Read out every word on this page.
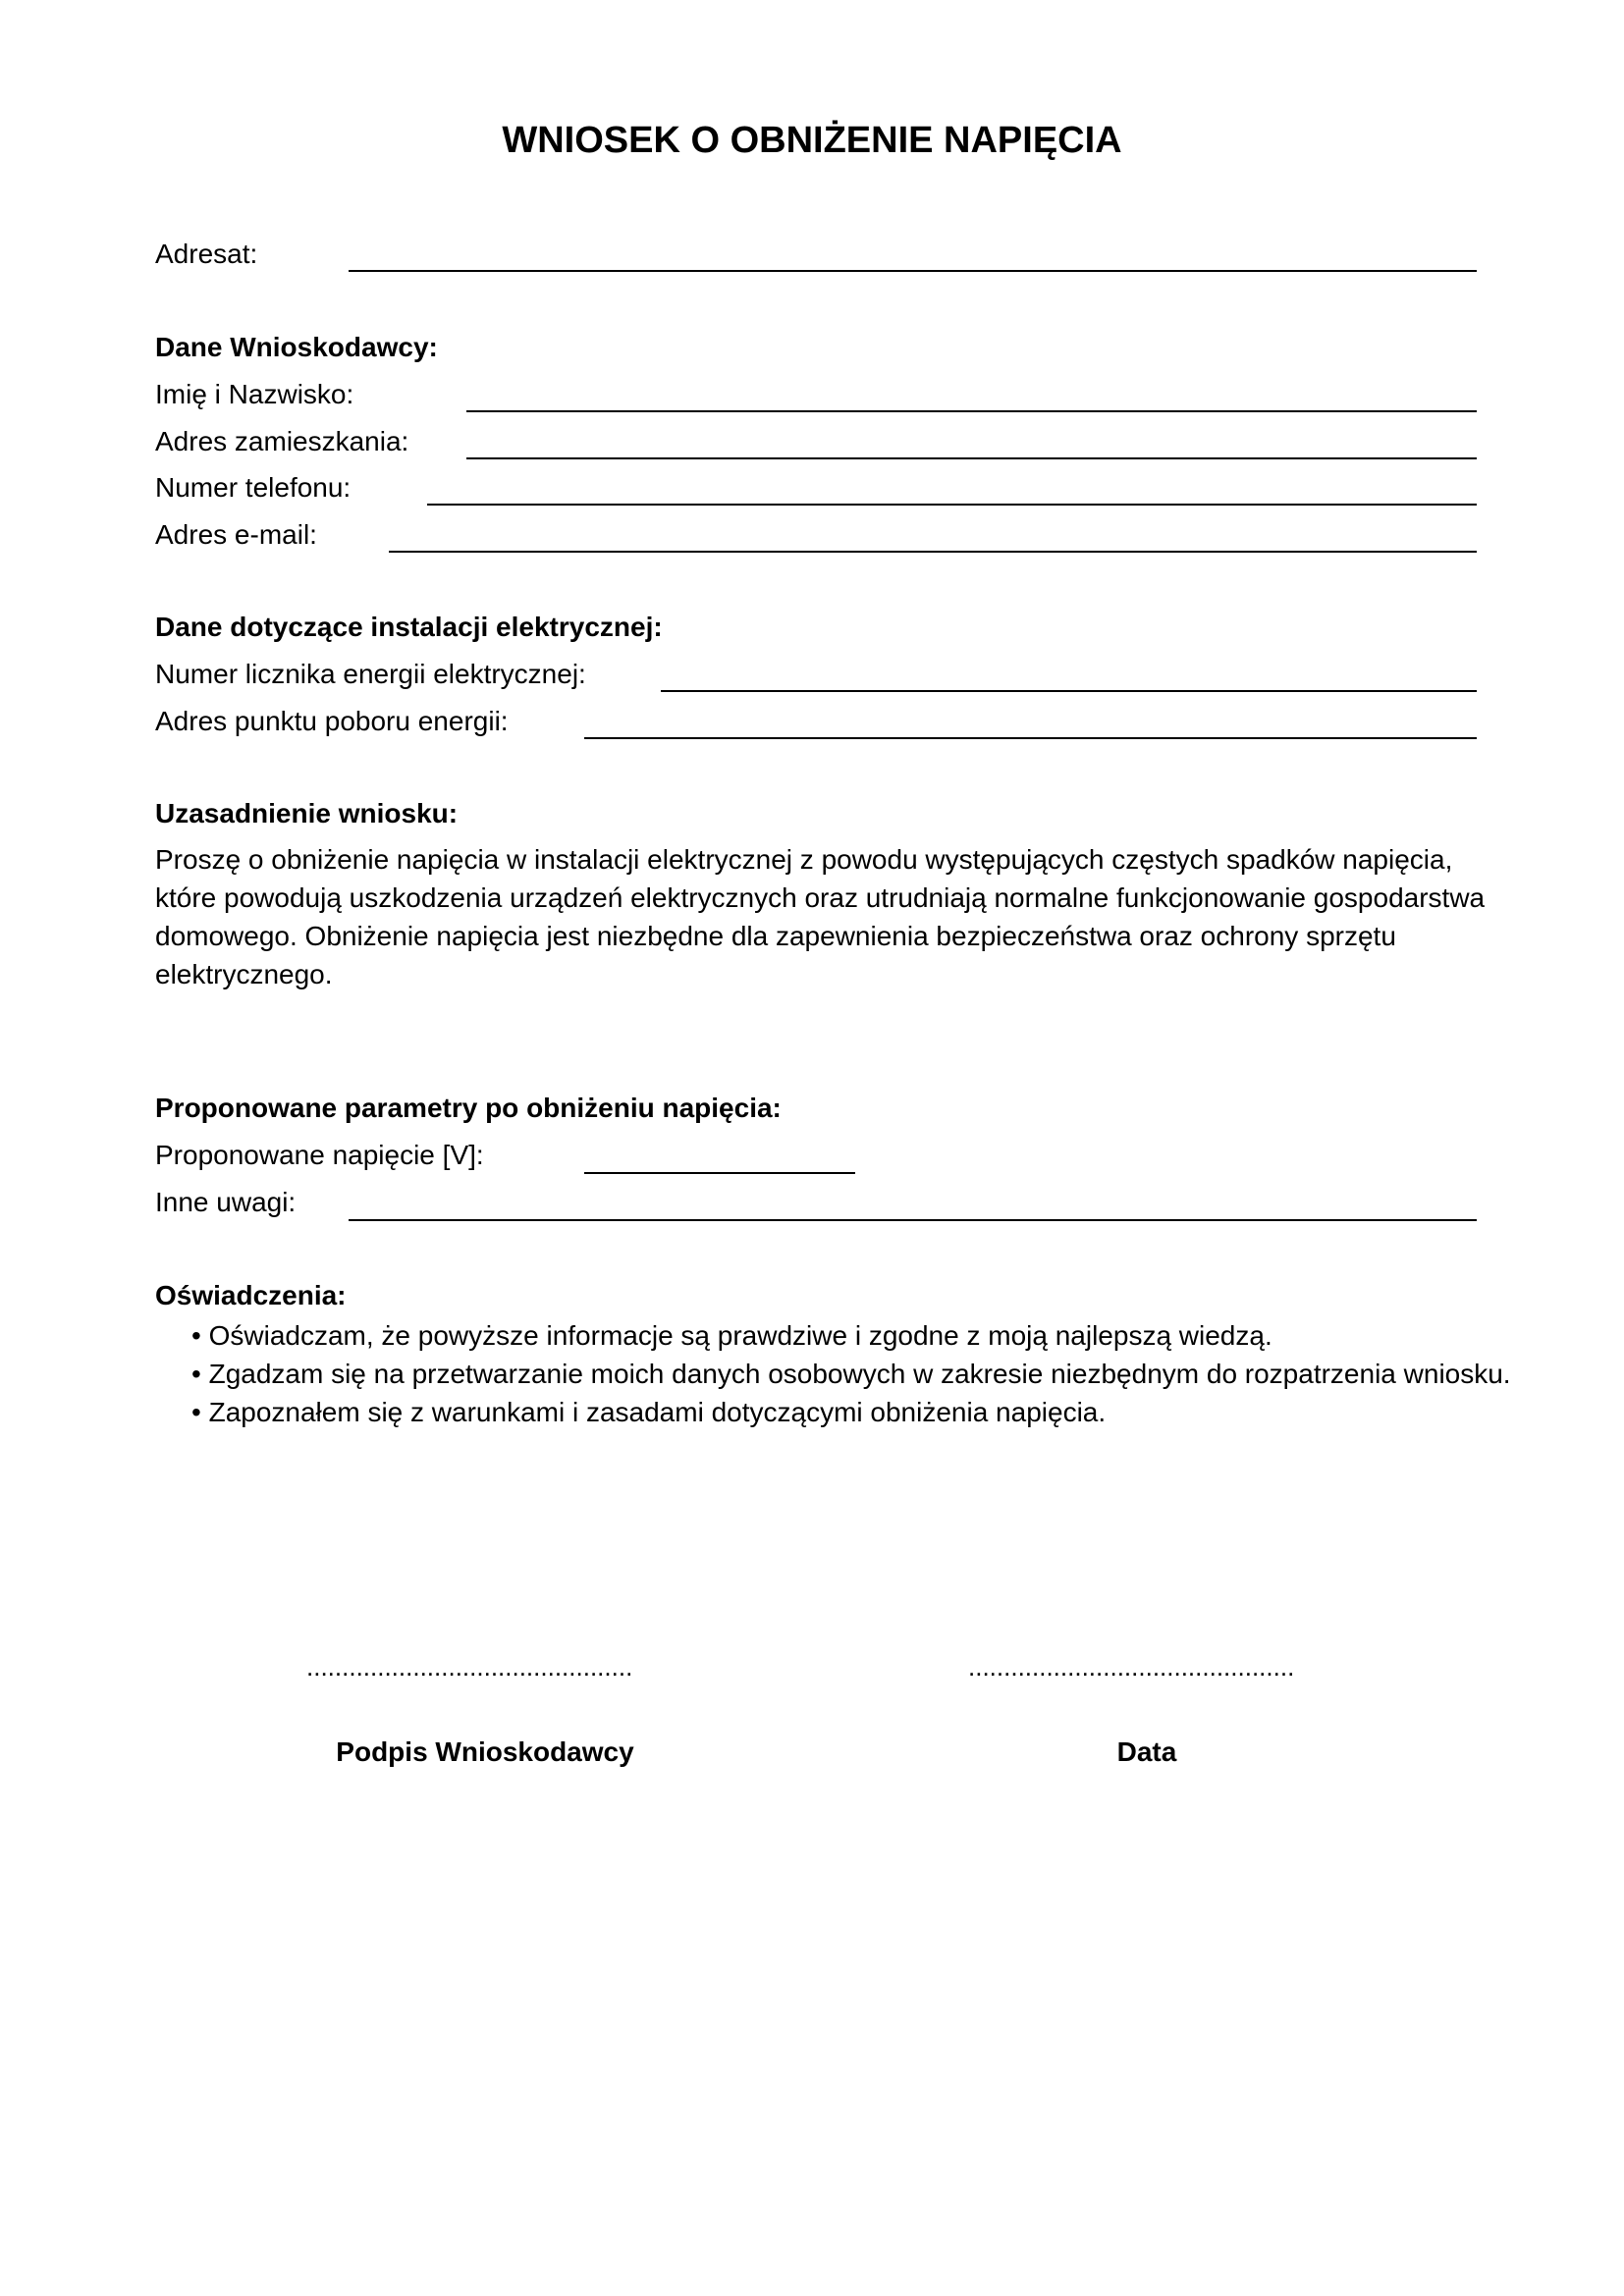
WNIOSEK O OBNIŻENIE NAPIĘCIA
Adresat:
Dane Wnioskodawcy:
Imię i Nazwisko:
Adres zamieszkania:
Numer telefonu:
Adres e-mail:
Dane dotyczące instalacji elektrycznej:
Numer licznika energii elektrycznej:
Adres punktu poboru energii:
Uzasadnienie wniosku:

Proszę o obniżenie napięcia w instalacji elektrycznej z powodu występujących częstych spadków napięcia, które powodują uszkodzenia urządzeń elektrycznych oraz utrudniają normalne funkcjonowanie gospodarstwa domowego. Obniżenie napięcia jest niezbędne dla zapewnienia bezpieczeństwa oraz ochrony sprzętu elektrycznego.

Proponowane parametry po obniżeniu napięcia:
Proponowane napięcie [V]:
Inne uwagi:
Oświadczenia:
• Oświadczam, że powyższe informacje są prawdziwe i zgodne z moją najlepszą wiedzą.
• Zgadzam się na przetwarzanie moich danych osobowych w zakresie niezbędnym do rozpatrzenia wniosku.
• Zapoznałem się z warunkami i zasadami dotyczącymi obniżenia napięcia.
..............................................	..............................................
Podpis Wnioskodawcy	Data
